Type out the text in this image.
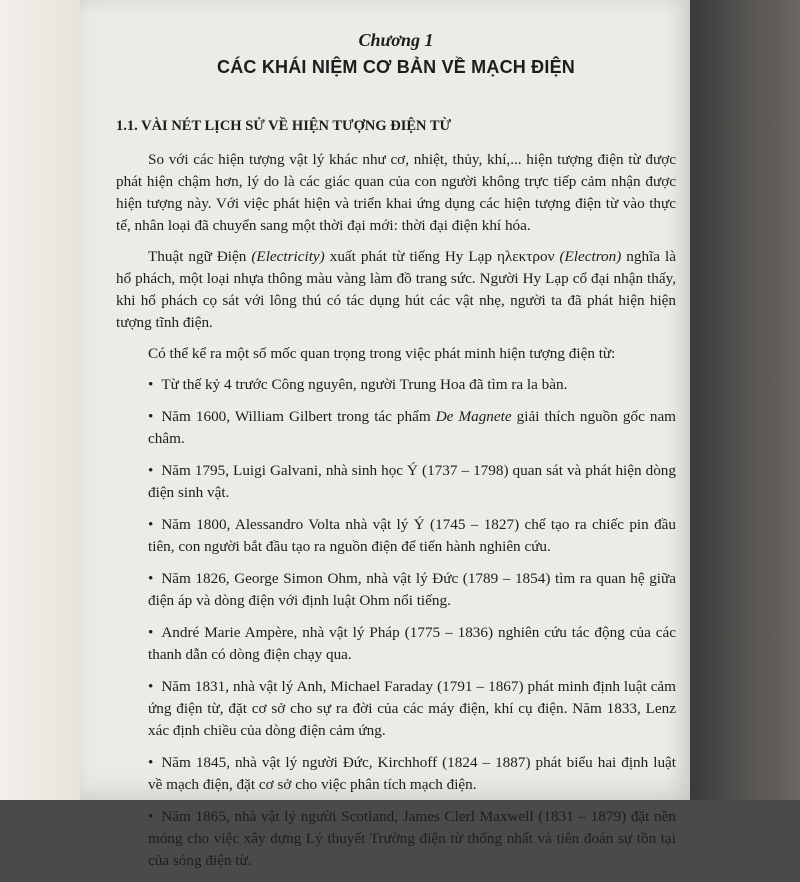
Chương 1
CÁC KHÁI NIỆM CƠ BẢN VỀ MẠCH ĐIỆN
1.1. VÀI NÉT LỊCH SỬ VỀ HIỆN TƯỢNG ĐIỆN TỪ

So với các hiện tượng vật lý khác như cơ, nhiệt, thủy, khí,... hiện tượng điện từ được phát hiện chậm hơn, lý do là các giác quan của con người không trực tiếp cảm nhận được hiện tượng này. Với việc phát hiện và triển khai ứng dụng các hiện tượng điện từ vào thực tế, nhân loại đã chuyển sang một thời đại mới: thời đại điện khí hóa.

Thuật ngữ Điện (Electricity) xuất phát từ tiếng Hy Lạp ηλεκτρον (Electron) nghĩa là hổ phách, một loại nhựa thông màu vàng làm đồ trang sức. Người Hy Lạp cổ đại nhận thấy, khi hổ phách cọ sát với lông thú có tác dụng hút các vật nhẹ, người ta đã phát hiện hiện tượng tĩnh điện.

Có thể kể ra một số mốc quan trọng trong việc phát minh hiện tượng điện từ:

• Từ thế kỷ 4 trước Công nguyên, người Trung Hoa đã tìm ra la bàn.

• Năm 1600, William Gilbert trong tác phẩm De Magnete giải thích nguồn gốc nam châm.

• Năm 1795, Luigi Galvani, nhà sinh học Ý (1737 – 1798) quan sát và phát hiện dòng điện sinh vật.

• Năm 1800, Alessandro Volta nhà vật lý Ý (1745 – 1827) chế tạo ra chiếc pin đầu tiên, con người bắt đầu tạo ra nguồn điện để tiến hành nghiên cứu.

• Năm 1826, George Simon Ohm, nhà vật lý Đức (1789 – 1854) tìm ra quan hệ giữa điện áp và dòng điện với định luật Ohm nổi tiếng.

• André Marie Ampère, nhà vật lý Pháp (1775 – 1836) nghiên cứu tác động của các thanh dẫn có dòng điện chạy qua.

• Năm 1831, nhà vật lý Anh, Michael Faraday (1791 – 1867) phát minh định luật cảm ứng điện từ, đặt cơ sở cho sự ra đời của các máy điện, khí cụ điện. Năm 1833, Lenz xác định chiều của dòng điện cảm ứng.

• Năm 1845, nhà vật lý người Đức, Kirchhoff (1824 – 1887) phát biểu hai định luật về mạch điện, đặt cơ sở cho việc phân tích mạch điện.

• Năm 1865, nhà vật lý người Scotland, James Clerl Maxwell (1831 – 1879) đặt nền móng cho việc xây dựng Lý thuyết Trường điện từ thống nhất và tiên đoán sự tồn tại của sóng điện từ.
